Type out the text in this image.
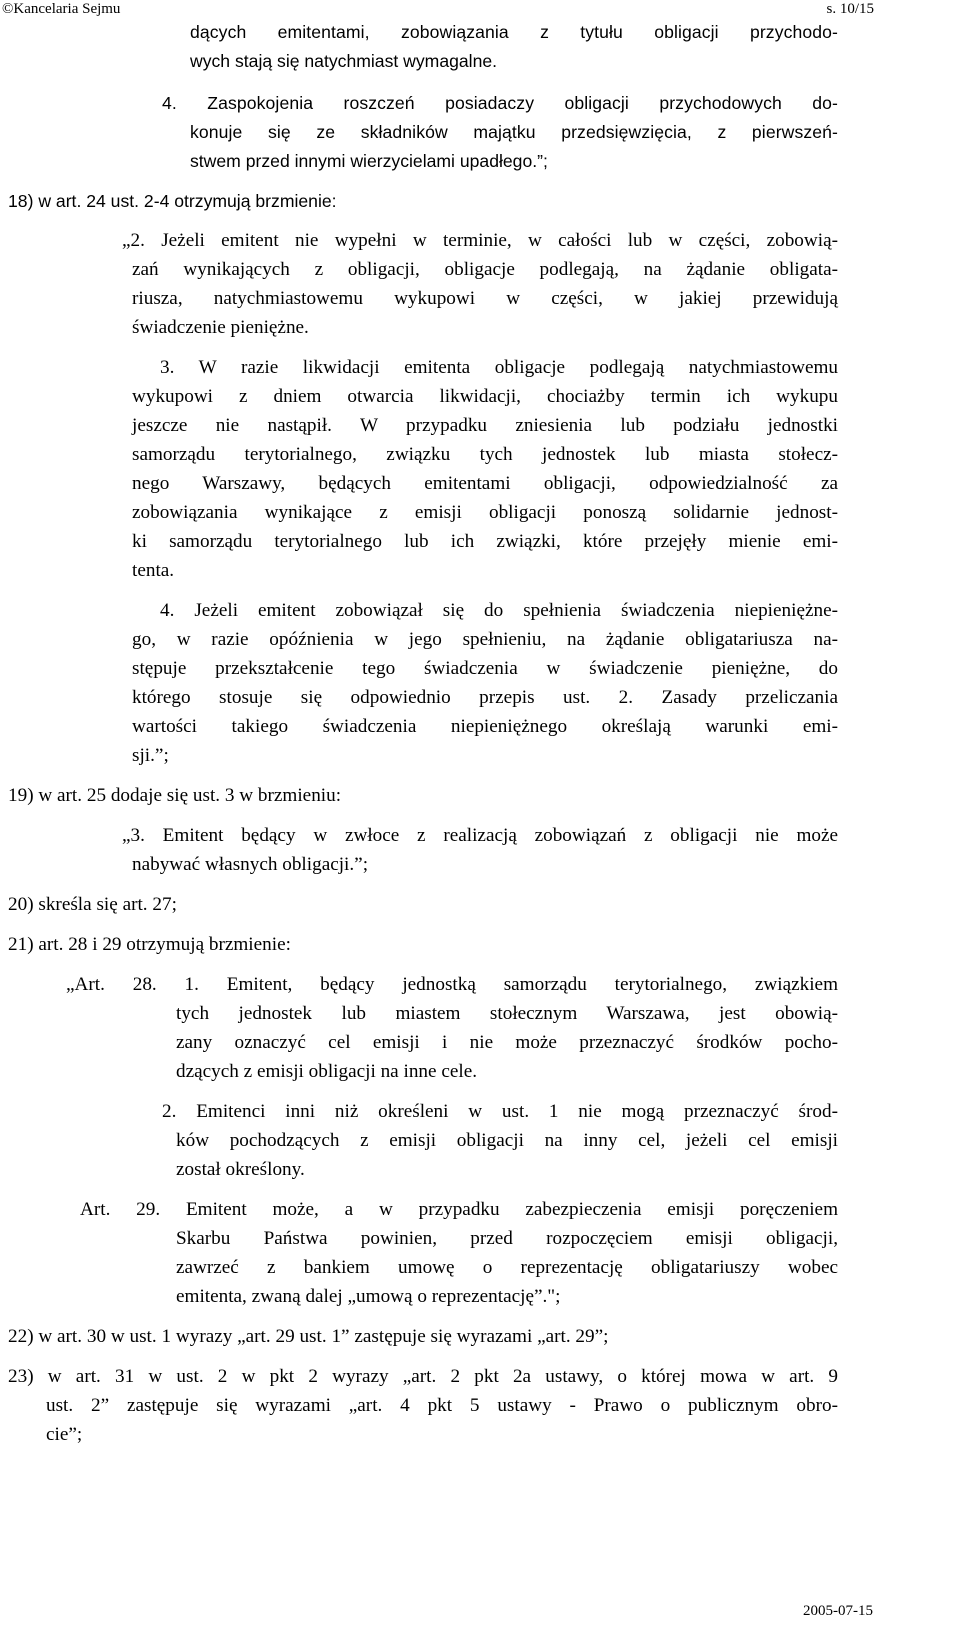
©Kancelaria Sejmu	s. 10/15
dących emitentami, zobowiązania z tytułu obligacji przychodo-
wych stają się natychmiast wymagalne.
4. Zaspokojenia roszczeń posiadaczy obligacji przychodowych do-
konuje się ze składników majątku przedsięwzięcia, z pierwszeń-
stwem przed innymi wierzycielami upadłego.”;
18) w art. 24 ust. 2-4 otrzymują brzmienie:
„2. Jeżeli emitent nie wypełni w terminie, w całości lub w części, zobowią-
zań wynikających z obligacji, obligacje podlegają, na żądanie obligata-
riusza, natychmiastowemu wykupowi w części, w jakiej przewidują
świadczenie pieniężne.
3. W razie likwidacji emitenta obligacje podlegają natychmiastowemu
wykupowi z dniem otwarcia likwidacji, chociażby termin ich wykupu
jeszcze nie nastąpił. W przypadku zniesienia lub podziału jednostki
samorządu terytorialnego, związku tych jednostek lub miasta stołecz-
nego Warszawy, będących emitentami obligacji, odpowiedzialność za
zobowiązania wynikające z emisji obligacji ponoszą solidarnie jednost-
ki samorządu terytorialnego lub ich związki, które przejęły mienie emi-
tenta.
4. Jeżeli emitent zobowiązał się do spełnienia świadczenia niepieniężne-
go, w razie opóźnienia w jego spełnieniu, na żądanie obligatariusza na-
stępuje przekształcenie tego świadczenia w świadczenie pieniężne, do
którego stosuje się odpowiednio przepis ust. 2. Zasady przeliczania
wartości takiego świadczenia niepieniężnego określają warunki emi-
sji.”;
19) w art. 25 dodaje się ust. 3 w brzmieniu:
„3. Emitent będący w zwłoce z realizacją zobowiązań z obligacji nie może
nabywać własnych obligacji.”;
20) skreśla się art. 27;
21) art. 28 i 29 otrzymują brzmienie:
„Art. 28. 1. Emitent, będący jednostką samorządu terytorialnego, związkiem
tych jednostek lub miastem stołecznym Warszawa, jest obowią-
zany oznaczyć cel emisji i nie może przeznaczyć środków pocho-
dzących z emisji obligacji na inne cele.
2. Emitenci inni niż określeni w ust. 1 nie mogą przeznaczyć środ-
ków pochodzących z emisji obligacji na inny cel, jeżeli cel emisji
został określony.
Art. 29. Emitent może, a w przypadku zabezpieczenia emisji poręczeniem
Skarbu Państwa powinien, przed rozpoczęciem emisji obligacji,
zawrzeć z bankiem umowę o reprezentację obligatariuszy wobec
emitenta, zwaną dalej „umową o reprezentację”.";
22) w art. 30 w ust. 1 wyrazy „art. 29 ust. 1” zastępuje się wyrazami „art. 29”;
23) w art. 31 w ust. 2 w pkt 2 wyrazy „art. 2 pkt 2a ustawy, o której mowa w art. 9
ust. 2” zastępuje się wyrazami „art. 4 pkt 5 ustawy - Prawo o publicznym obro-
cie”;
2005-07-15
